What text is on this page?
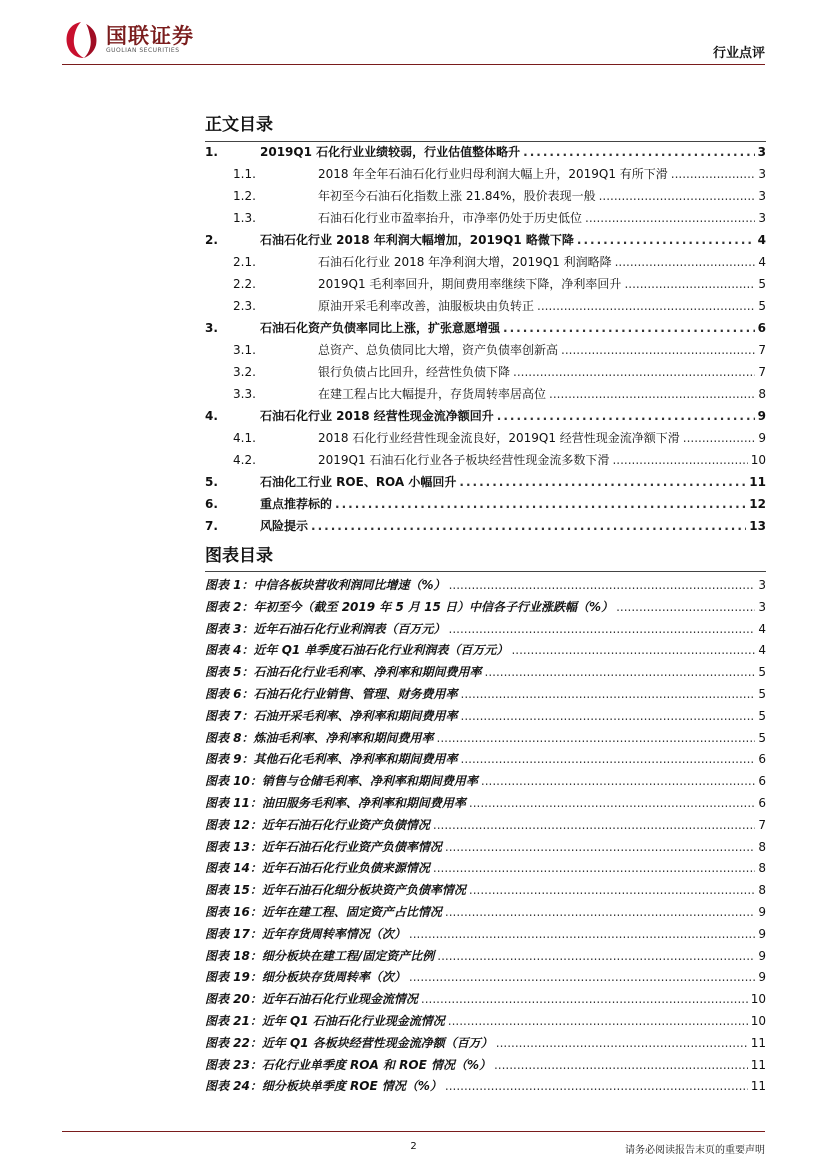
国联证券
GUOLIAN SECURITIES	行业点评
正文目录
1.	2019Q1 石化行业业绩较弱，行业估值整体略升 .....	3
1.1.	2018 年全年石油石化行业归母利润大幅上升，2019Q1 有所下滑 .....	3
1.2.	年初至今石油石化指数上涨 21.84%，股价表现一般 .....	3
1.3.	石油石化行业市盈率抬升，市净率仍处于历史低位 .....	3
2.	石油石化行业 2018 年利润大幅增加，2019Q1 略微下降 .....	4
2.1.	石油石化行业 2018 年净利润大增，2019Q1 利润略降 .....	4
2.2.	2019Q1 毛利率回升，期间费用率继续下降，净利率回升 .....	5
2.3.	原油开采毛利率改善，油服板块由负转正 .....	5
3.	石油石化资产负债率同比上涨，扩张意愿增强 .....	6
3.1.	总资产、总负债同比大增，资产负债率创新高 .....	7
3.2.	银行负债占比回升，经营性负债下降 .....	7
3.3.	在建工程占比大幅提升，存货周转率居高位 .....	8
4.	石油石化行业 2018 经营性现金流净额回升 .....	9
4.1.	2018 石化行业经营性现金流良好，2019Q1 经营性现金流净额下滑 .....	9
4.2.	2019Q1 石油石化行业各子板块经营性现金流多数下滑 .....	10
5.	石油化工行业 ROE、ROA 小幅回升 .....	11
6.	重点推荐标的 .....	12
7.	风险提示 .....	13
图表目录
图表 1：中信各板块营收利润同比增速（%） .....	3
图表 2：年初至今（截至 2019 年 5 月 15 日）中信各子行业涨跌幅（%） .....	3
图表 3：近年石油石化行业利润表（百万元） .....	4
图表 4：近年 Q1 单季度石油石化行业利润表（百万元） .....	4
图表 5：石油石化行业毛利率、净利率和期间费用率 .....	5
图表 6：石油石化行业销售、管理、财务费用率 .....	5
图表 7：石油开采毛利率、净利率和期间费用率 .....	5
图表 8：炼油毛利率、净利率和期间费用率 .....	5
图表 9：其他石化毛利率、净利率和期间费用率 .....	6
图表 10：销售与仓储毛利率、净利率和期间费用率 .....	6
图表 11：油田服务毛利率、净利率和期间费用率 .....	6
图表 12：近年石油石化行业资产负债情况 .....	7
图表 13：近年石油石化行业资产负债率情况 .....	8
图表 14：近年石油石化行业负债来源情况 .....	8
图表 15：近年石油石化细分板块资产负债率情况 .....	8
图表 16：近年在建工程、固定资产占比情况 .....	9
图表 17：近年存货周转率情况（次） .....	9
图表 18：细分板块在建工程/固定资产比例 .....	9
图表 19：细分板块存货周转率（次） .....	9
图表 20：近年石油石化行业现金流情况 .....	10
图表 21：近年 Q1 石油石化行业现金流情况 .....	10
图表 22：近年 Q1 各板块经营性现金流净额（百万） .....	11
图表 23：石化行业单季度 ROA 和 ROE 情况（%） .....	11
图表 24：细分板块单季度 ROE 情况（%） .....	11
2	请务必阅读报告末页的重要声明
